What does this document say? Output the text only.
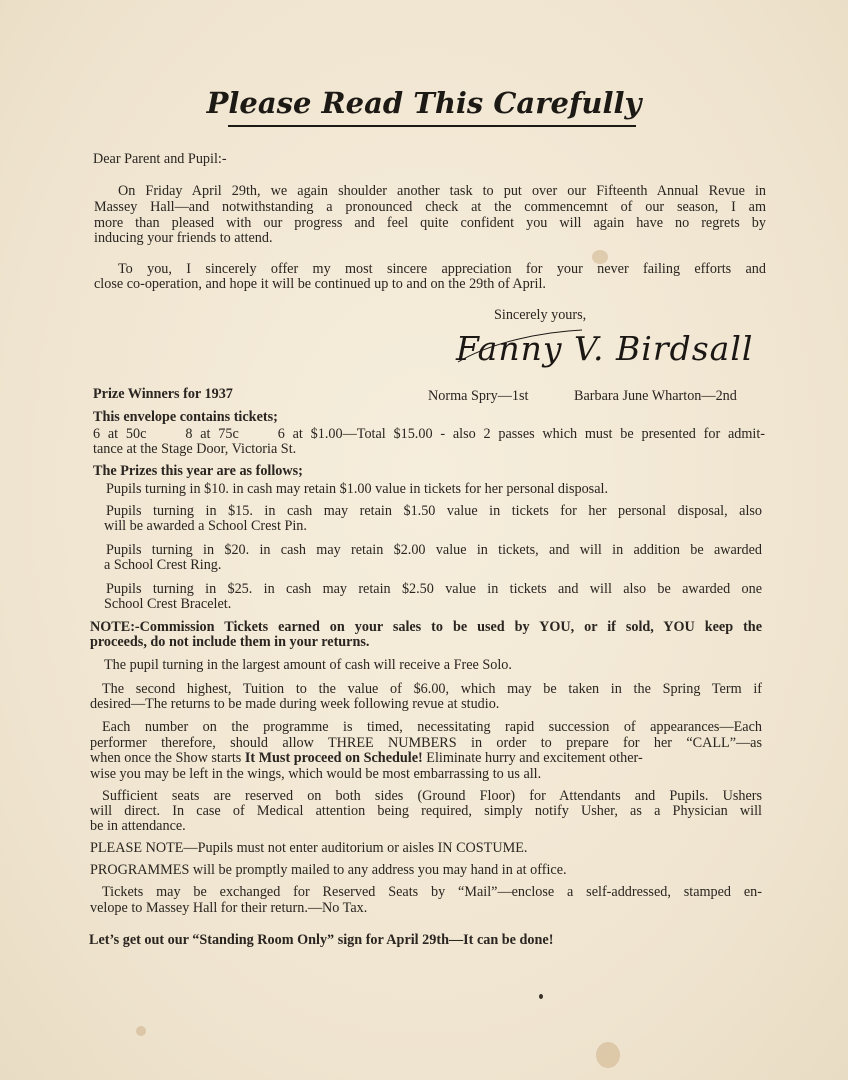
Please Read This Carefully
Dear Parent and Pupil:-
On Friday April 29th, we again shoulder another task to put over our Fifteenth Annual Revue in
Massey Hall—and notwithstanding a pronounced check at the commencemnt of our season, I am
more than pleased with our progress and feel quite confident you will again have no regrets by
inducing your friends to attend.
To you, I sincerely offer my most sincere appreciation for your never failing efforts and
close co-operation, and hope it will be continued up to and on the 29th of April.
Sincerely yours,
Fanny V. Birdsall
Prize Winners for 1937	Norma Spry—1st	Barbara June Wharton—2nd
This envelope contains tickets;
6 at 50c     8 at 75c     6 at $1.00—Total $15.00 - also 2 passes which must be presented for admit-
tance at the Stage Door, Victoria St.
The Prizes this year are as follows;
Pupils turning in $10. in cash may retain $1.00 value in tickets for her personal disposal.
Pupils turning in $15. in cash may retain $1.50 value in tickets for her personal disposal, also
will be awarded a School Crest Pin.
Pupils turning in $20. in cash may retain $2.00 value in tickets, and will in addition be awarded
a School Crest Ring.
Pupils turning in $25. in cash may retain $2.50 value in tickets and will also be awarded one
School Crest Bracelet.
NOTE:-Commission Tickets earned on your sales to be used by YOU, or if sold, YOU keep the
proceeds, do not include them in your returns.
The pupil turning in the largest amount of cash will receive a Free Solo.
The second highest, Tuition to the value of $6.00, which may be taken in the Spring Term if
desired—The returns to be made during week following revue at studio.
Each number on the programme is timed, necessitating rapid succession of appearances—Each
performer therefore, should allow THREE NUMBERS in order to prepare for her “CALL”—as
when once the Show starts It Must proceed on Schedule! Eliminate hurry and excitement other-
wise you may be left in the wings, which would be most embarrassing to us all.
Sufficient seats are reserved on both sides (Ground Floor) for Attendants and Pupils. Ushers
will direct. In case of Medical attention being required, simply notify Usher, as a Physician will
be in attendance.
PLEASE NOTE—Pupils must not enter auditorium or aisles IN COSTUME.
PROGRAMMES will be promptly mailed to any address you may hand in at office.
Tickets may be exchanged for Reserved Seats by “Mail”—enclose a self-addressed, stamped en-
velope to Massey Hall for their return.—No Tax.
Let’s get out our “Standing Room Only” sign for April 29th—It can be done!
